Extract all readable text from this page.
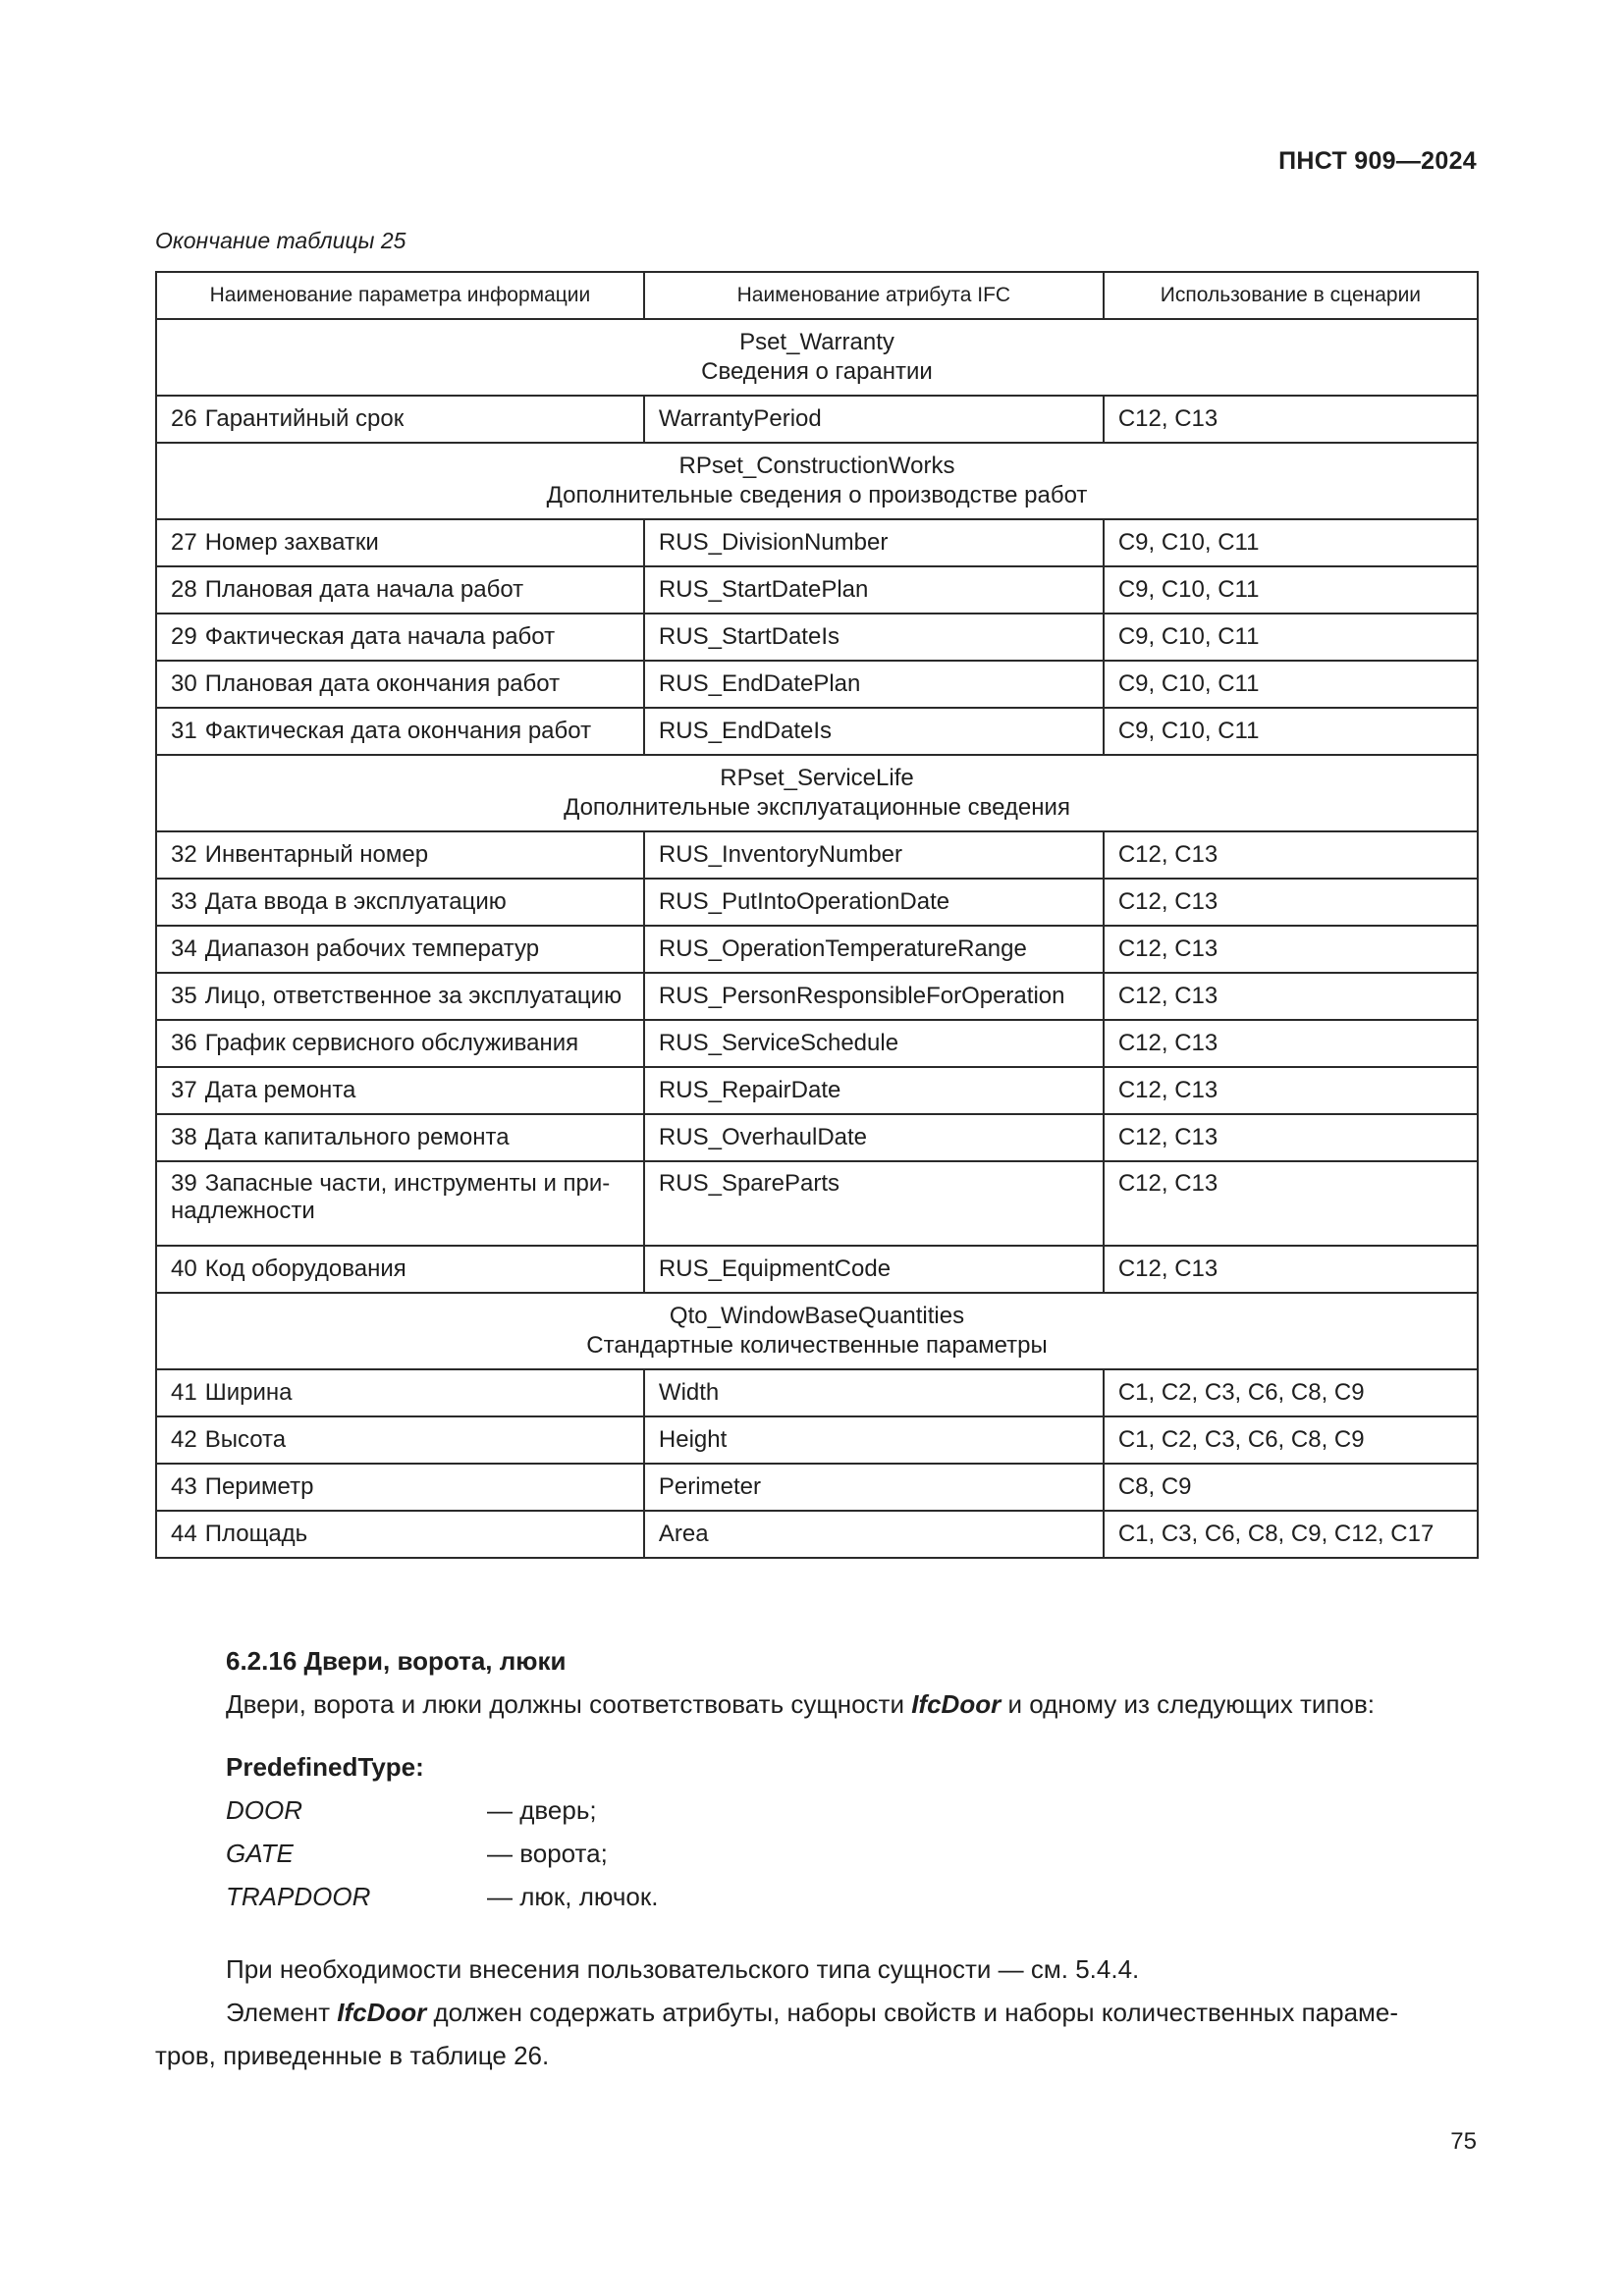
ПНСТ 909—2024
Окончание таблицы 25
Наименование параметра информации	Наименование атрибута IFC	Использование в сценарии

Pset_Warranty
Сведения о гарантии		

26 Гарантийный срок	WarrantyPeriod	C12, C13

RPset_ConstructionWorks
Дополнительные сведения о производстве работ		

27 Номер захватки	RUS_DivisionNumber	C9, C10, C11
28 Плановая дата начала работ	RUS_StartDatePlan	C9, C10, C11
29 Фактическая дата начала работ	RUS_StartDateIs	C9, C10, C11
30 Плановая дата окончания работ	RUS_EndDatePlan	C9, C10, C11
31 Фактическая дата окончания работ	RUS_EndDateIs	C9, C10, C11

RPset_ServiceLife
Дополнительные эксплуатационные сведения		

32 Инвентарный номер	RUS_InventoryNumber	C12, C13
33 Дата ввода в эксплуатацию	RUS_PutIntoOperationDate	C12, C13
34 Диапазон рабочих температур	RUS_OperationTemperatureRange	C12, C13
35 Лицо, ответственное за эксплуатацию	RUS_PersonResponsibleForOperation	C12, C13
36 График сервисного обслуживания	RUS_ServiceSchedule	C12, C13
37 Дата ремонта	RUS_RepairDate	C12, C13
38 Дата капитального ремонта	RUS_OverhaulDate	C12, C13
39 Запасные части, инструменты и при-надлежности	RUS_SpareParts	C12, C13
40 Код оборудования	RUS_EquipmentCode	C12, C13

Qto_WindowBaseQuantities
Стандартные количественные параметры		

41 Ширина	Width	C1, C2, C3, C6, C8, C9
42 Высота	Height	C1, C2, C3, C6, C8, C9
43 Периметр	Perimeter	C8, C9
44 Площадь	Area	C1, C3, C6, C8, C9, C12, C17
6.2.16 Двери, ворота, люки
Двери, ворота и люки должны соответствовать сущности IfcDoor и одному из следующих типов:
PredefinedType:
DOOR	— дверь;
GATE	— ворота;
TRAPDOOR	— люк, лючок.
При необходимости внесения пользовательского типа сущности — см. 5.4.4.
Элемент IfcDoor должен содержать атрибуты, наборы свойств и наборы количественных параме-
тров, приведенные в таблице 26.
75
